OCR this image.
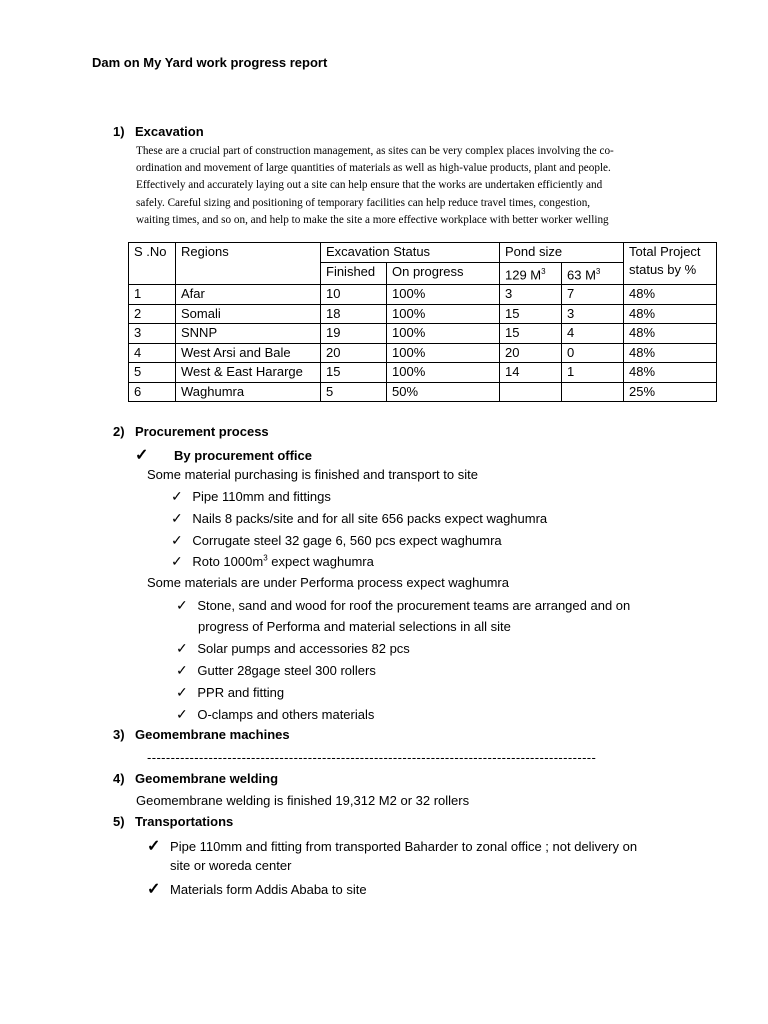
Dam on My Yard work progress report
1) Excavation
These are a crucial part of construction management, as sites can be very complex places involving the co-
ordination and movement of large quantities of materials as well as high-value products, plant and people.
Effectively and accurately laying out a site can help ensure that the works are undertaken efficiently and
safely. Careful sizing and positioning of temporary facilities can help reduce travel times, congestion,
waiting times, and so on, and help to make the site a more effective workplace with better worker welling
S .No	Regions	Excavation Status		Pond size		Total Project
status by %

		Finished	On progress	129 $M^3$	63 $M^3$
1	Afar	10	100%	3	7	48%
2	Somali	18	100%	15	3	48%
3	SNNP	19	100%	15	4	48%
4	West Arsi and Bale	20	100%	20	0	48%
5	West & East Hararge	15	100%	14	1	48%
6	Waghumra	5	50%			25%
2) Procurement process
✓ By procurement office
Some material purchasing is finished and transport to site
✓ Pipe 110mm and fittings
✓ Nails 8 packs/site and for all site 656 packs expect waghumra
✓ Corrugate steel 32 gage 6, 560 pcs expect waghumra
✓ Roto $1000m^3$ expect waghumra
Some materials are under Performa process expect waghumra
✓ Stone, sand and wood for roof the procurement teams are arranged and on
progress of Performa and material selections in all site
✓ Solar pumps and accessories 82 pcs
✓ Gutter 28gage steel 300 rollers
✓ PPR and fitting
✓ O-clamps and others materials
3) Geomembrane machines
-----------------------------------------------------------------------------------------------
4) Geomembrane welding
Geomembrane welding is finished 19,312 M2 or 32 rollers
5) Transportations
✓ Pipe 110mm and fitting from transported Baharder to zonal office ; not delivery on
site or woreda center
✓ Materials form Addis Ababa to site
